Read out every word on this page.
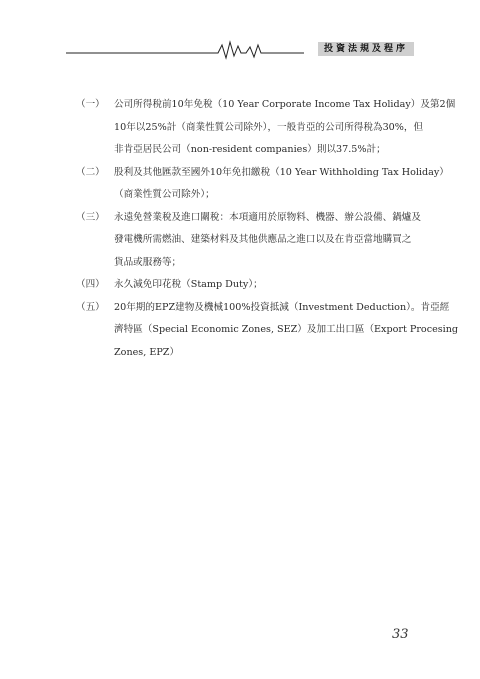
投資法規及程序
（一） 公司所得稅前10年免稅（10 Year Corporate Income Tax Holiday）及第2個
10年以25%計（商業性質公司除外），一般肯亞的公司所得稅為30%，但
非肯亞居民公司（non-resident companies）則以37.5%計；
（二） 股利及其他匯款至國外10年免扣繳稅（10 Year Withholding Tax Holiday）
（商業性質公司除外）；
（三） 永遠免營業稅及進口關稅：本項適用於原物料、機器、辦公設備、鍋爐及
發電機所需燃油、建築材料及其他供應品之進口以及在肯亞當地購買之
貨品或服務等；
（四） 永久減免印花稅（Stamp Duty）；
（五） 20年期的EPZ建物及機械100%投資抵減（Investment Deduction）。肯亞經
濟特區（Special Economic Zones, SEZ）及加工出口區（Export Procesing
Zones, EPZ）
33
